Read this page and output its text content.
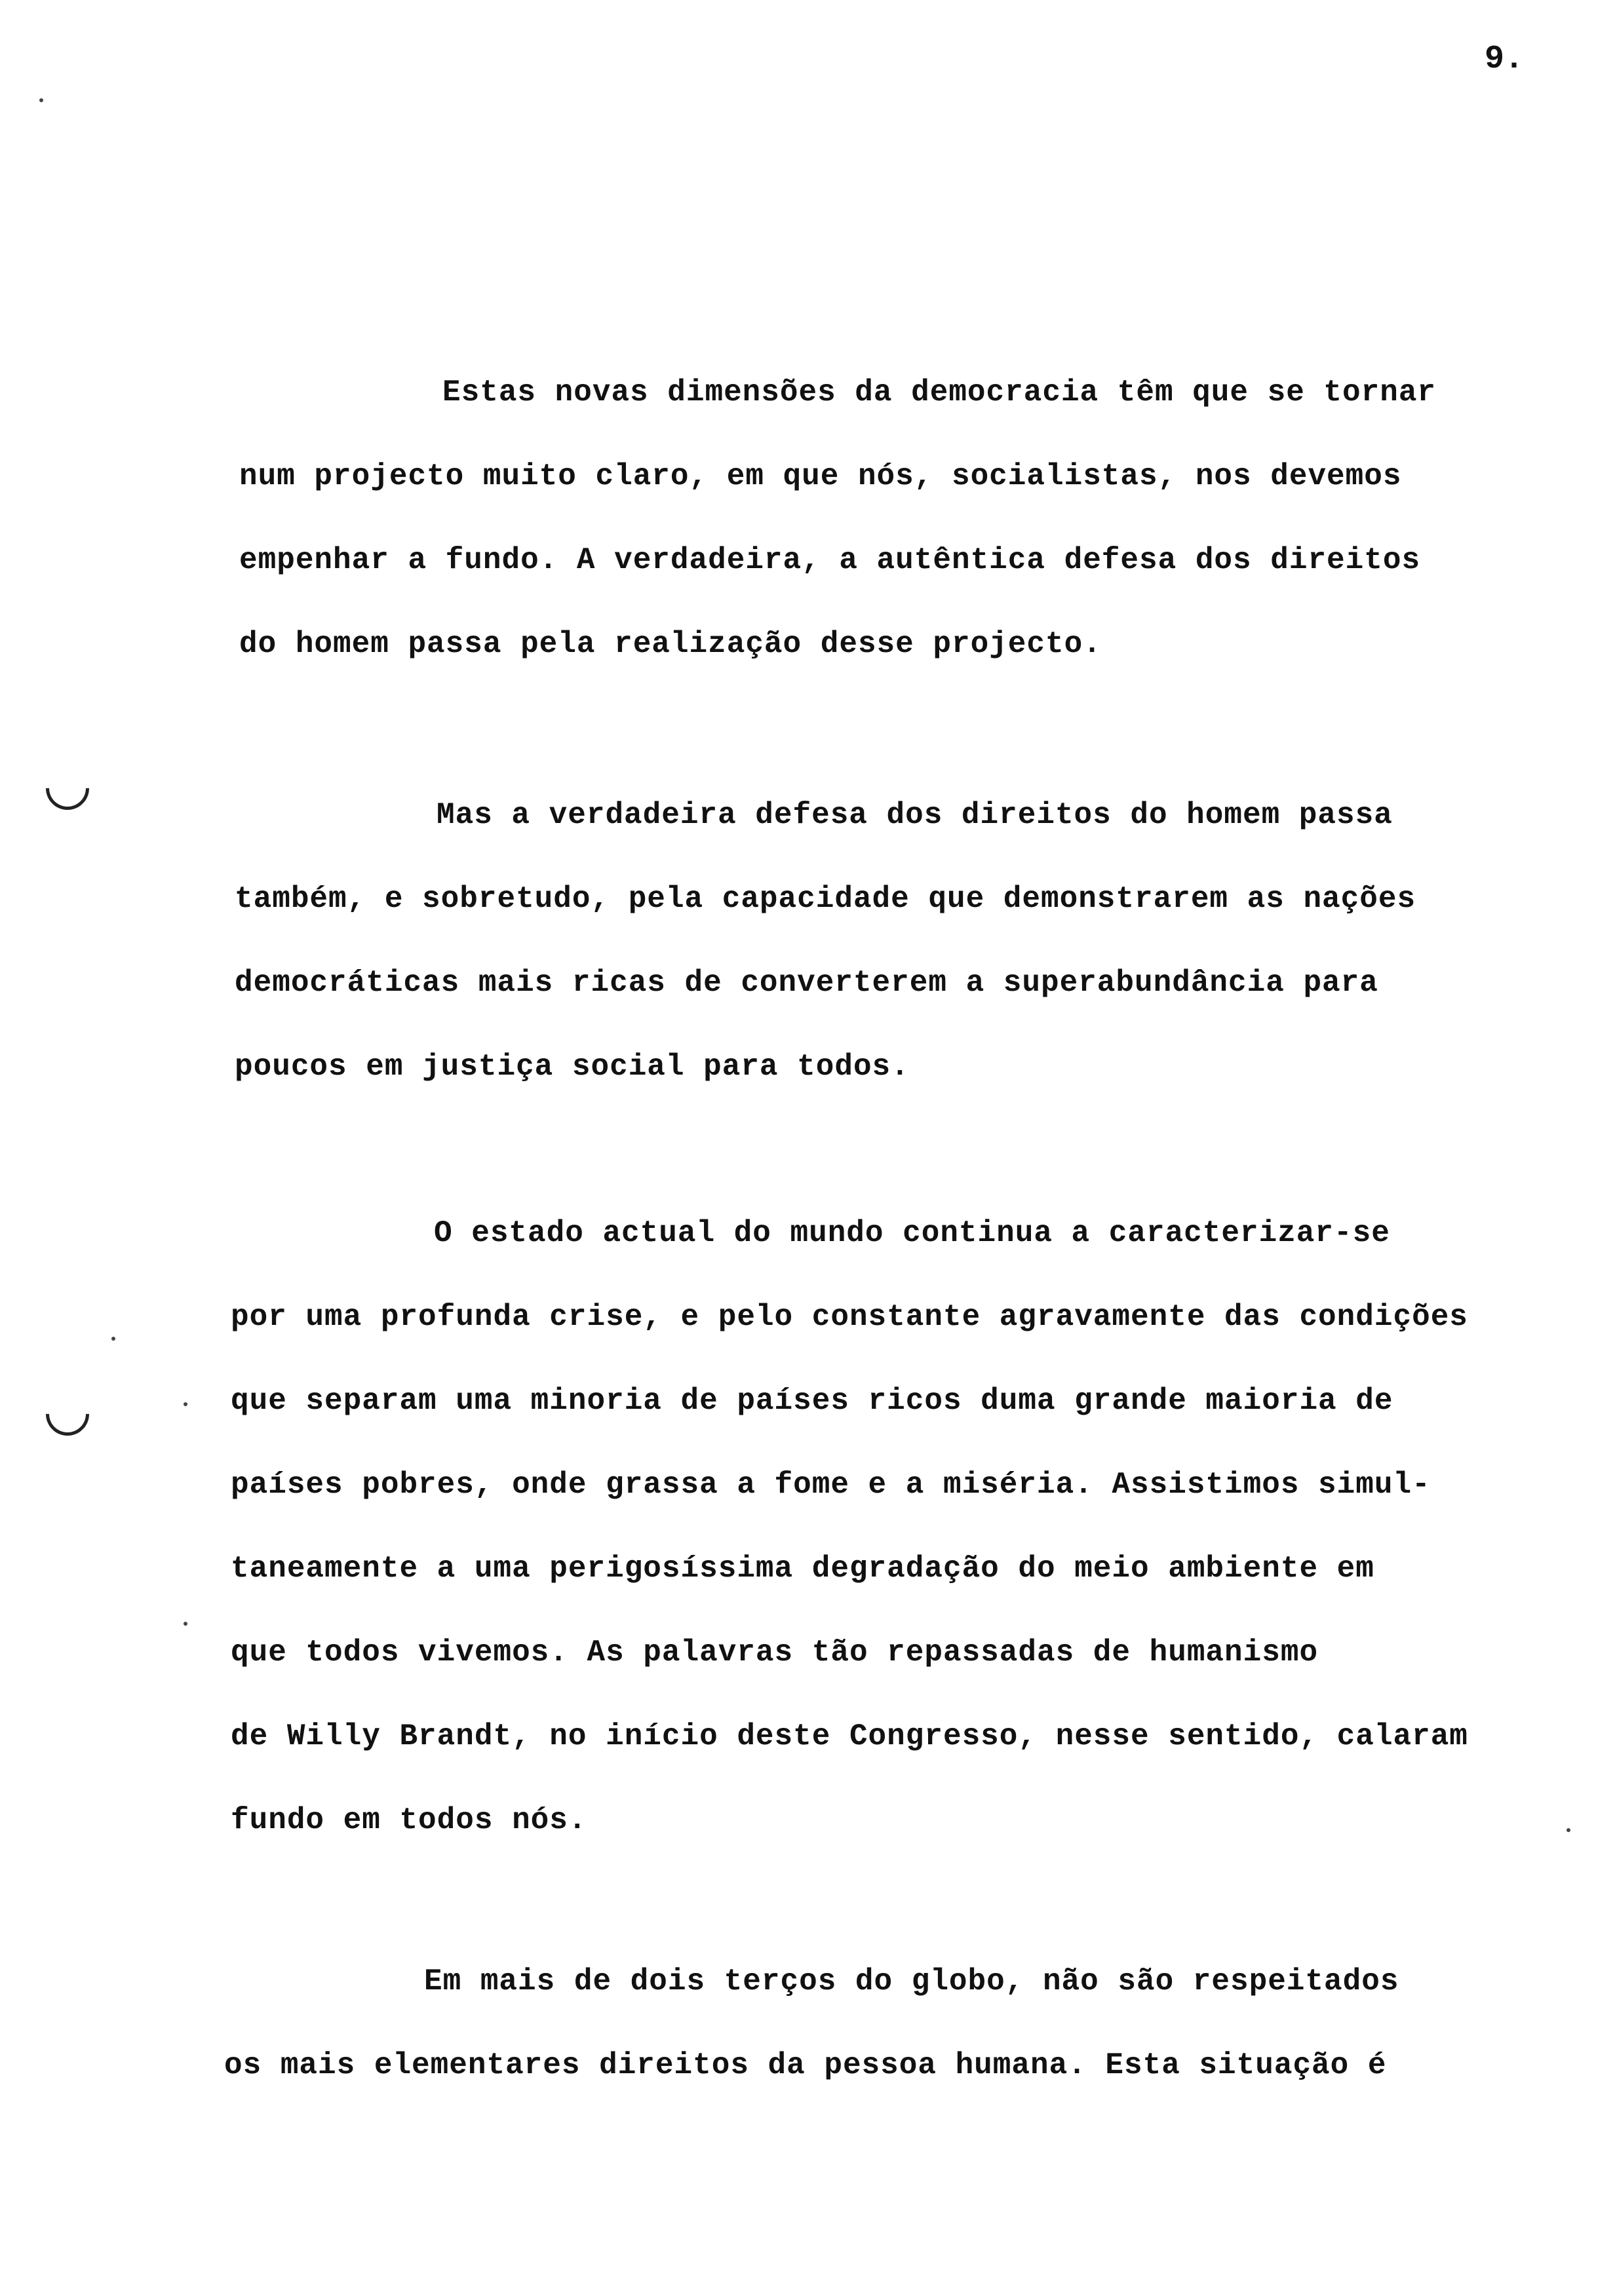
9.
Estas novas dimensões da democracia têm que se tornar
num projecto muito claro, em que nós, socialistas, nos devemos
empenhar a fundo. A verdadeira, a autêntica defesa dos direitos
do homem passa pela realização desse projecto.
Mas a verdadeira defesa dos direitos do homem passa
também, e sobretudo, pela capacidade que demonstrarem as nações
democráticas mais ricas de converterem a superabundância para
poucos em justiça social para todos.
O estado actual do mundo continua a caracterizar-se
por uma profunda crise, e pelo constante agravamente das condições
que separam uma minoria de países ricos duma grande maioria de
países pobres, onde grassa a fome e a miséria. Assistimos simul-
taneamente a uma perigosíssima degradação do meio ambiente em
que todos vivemos. As palavras tão repassadas de humanismo
de Willy Brandt, no início deste Congresso, nesse sentido, calaram
fundo em todos nós.
Em mais de dois terços do globo, não são respeitados
os mais elementares direitos da pessoa humana. Esta situação é
